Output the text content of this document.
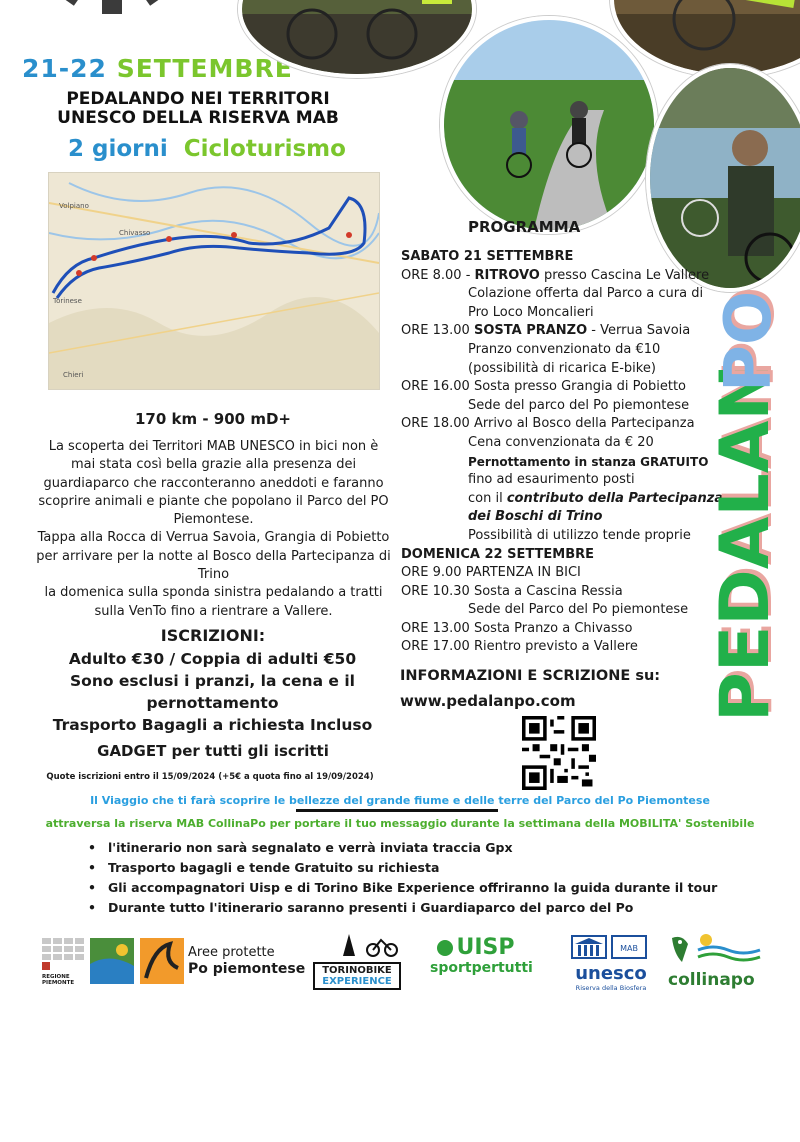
21-22 SETTEMBRE
PEDALANDO NEI TERRITORI
UNESCO DELLA RISERVA MAB
2 giorni Cicloturismo
Volpiano
Chivasso
Torinese
Chieri
170 km - 900 mD+
La scoperta dei Territori MAB UNESCO in bici non è
mai stata così bella grazie alla presenza dei
guardiaparco che racconteranno aneddoti e faranno
scoprire animali e piante che popolano il Parco del PO
Piemontese.
Tappa alla Rocca di Verrua Savoia, Grangia di Pobietto
per arrivare per la notte al Bosco della Partecipanza di
Trino
la domenica sulla sponda sinistra pedalando a tratti
sulla VenTo fino a rientrare a Vallere.
ISCRIZIONI:
Adulto €30 / Coppia di adulti €50
Sono esclusi i pranzi, la cena e il
pernottamento
Trasporto Bagagli a richiesta Incluso
GADGET per tutti gli iscritti
Quote iscrizioni entro il 15/09/2024 (+5€ a quota fino al 19/09/2024)
PROGRAMMA
SABATO 21 SETTEMBRE
ORE 8.00 - RITROVO presso Cascina Le Vallere
Colazione offerta dal Parco a cura di
Pro Loco Moncalieri
ORE 13.00 SOSTA PRANZO - Verrua Savoia
Pranzo convenzionato da €10
(possibilità di ricarica E-bike)
ORE 16.00 Sosta presso Grangia di Pobietto
Sede del parco del Po piemontese
ORE 18.00 Arrivo al Bosco della Partecipanza
Cena convenzionata da € 20
Pernottamento in stanza GRATUITO
fino ad esaurimento posti
con il contributo della Partecipanza
dei Boschi di Trino
Possibilità di utilizzo tende proprie
DOMENICA 22 SETTEMBRE
ORE 9.00 PARTENZA IN BICI
ORE 10.30 Sosta a Cascina Ressia
Sede del Parco del Po piemontese
ORE 13.00 Sosta Pranzo a Chivasso
ORE 17.00 Rientro previsto a Vallere	PEDALAN
PO
INFORMAZIONI E SCRIZIONE su:
www.pedalanpo.com
Il Viaggio che ti farà scoprire le bellezze del grande fiume e delle terre del Parco del Po Piemontese
attraversa la riserva MAB CollinaPo per portare il tuo messaggio durante la settimana della MOBILITA' Sostenibile
• l'itinerario non sarà segnalato e verrà inviata traccia Gpx
• Trasporto bagagli e tende Gratuito su richiesta
• Gli accompagnatori Uisp e di Torino Bike Experience offriranno la guida durante il tour
• Durante tutto l'itinerario saranno presenti i Guardiaparco del parco del Po
REGIONE PIEMONTE
Aree protette
Po piemontese	TORINOBIKE
EXPERIENCE
UISP
sportpertutti
MAB
unesco
Riserva della Biosfera	collinapo
